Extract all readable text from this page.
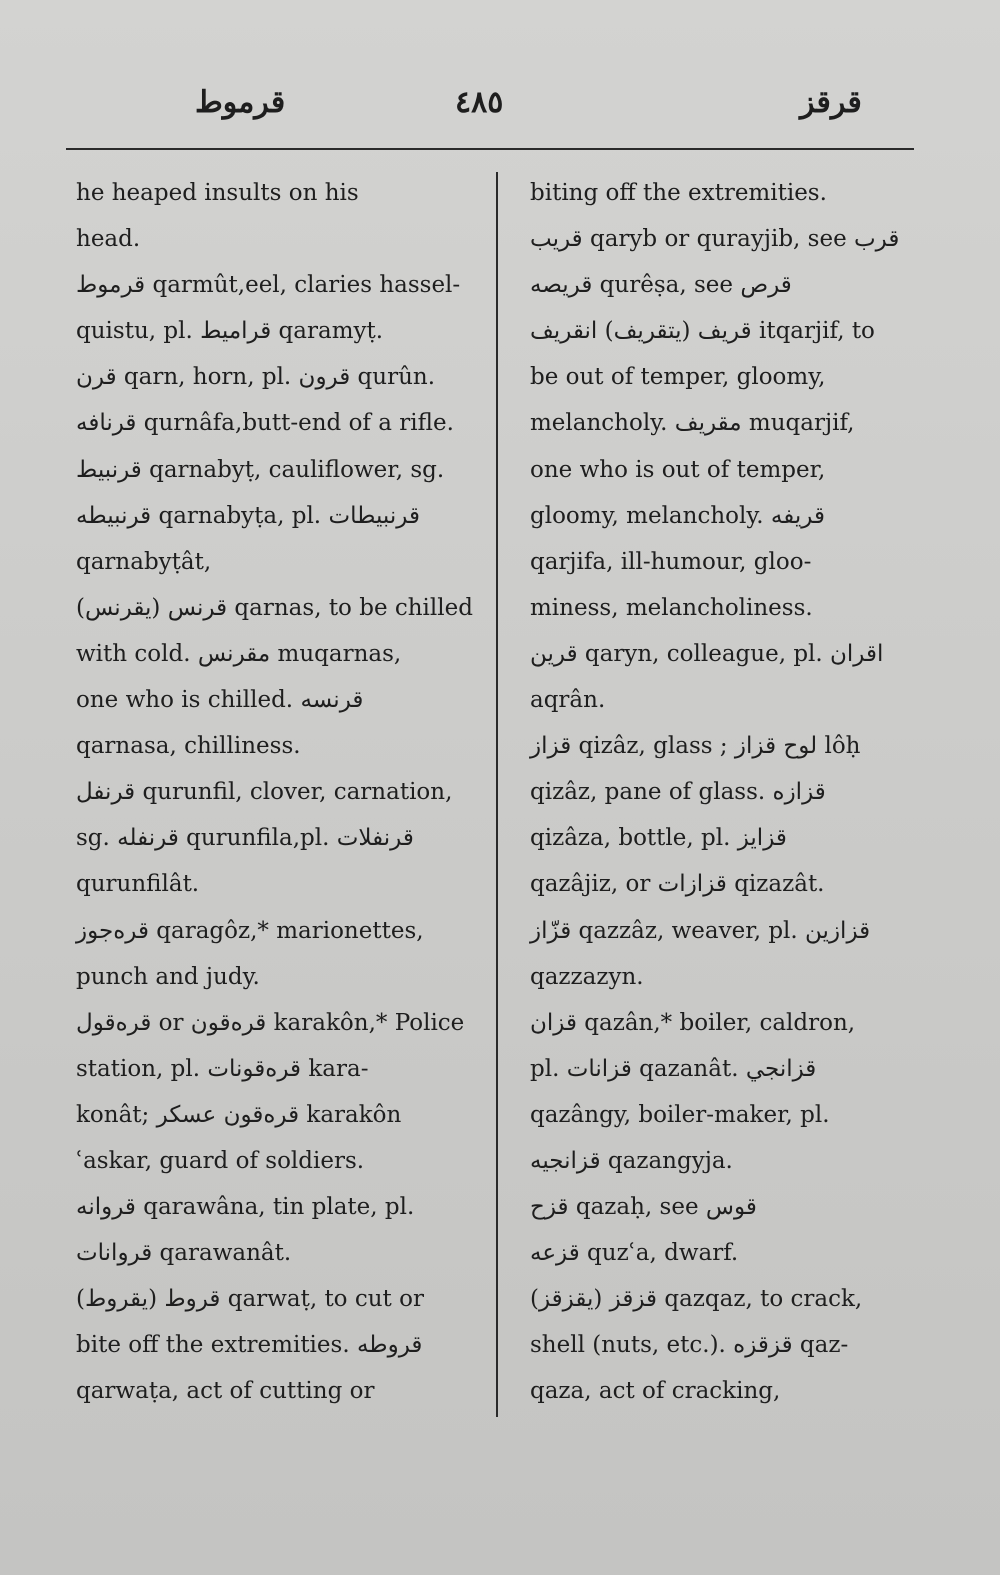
قرموط	٤٨٥	قرقز
he heaped insults on his
head.
قرموط qarmût,eel, claries hassel-
quistu, pl. قراميط qaramyṭ.
قرن qarn, horn, pl. قرون qurûn.
قرنافه qurnâfa,butt-end of a rifle.
قرنبيط qarnabyṭ, cauliflower, sg.
قرنبيطه qarnabyṭa, pl. قرنبيطات
qarnabyṭât,
قرنس (يقرنس) qarnas, to be chilled
with cold. مقرنس muqarnas,
one who is chilled. قرنسه
qarnasa, chilliness.
قرنفل qurunfil, clover, carnation,
sg. قرنفله qurunfila,pl. قرنفلات
qurunfilât.
قره‌جوز qaragôz,* marionettes,
punch and judy.
قره‌قول or قره‌قون karakôn,* Police
station, pl. قره‌قونات kara-
konât; قره‌قون عسكر karakôn
ʿaskar, guard of soldiers.
قروانه qarawâna, tin plate, pl.
قروانات qarawanât.
قروط (يقروط) qarwaṭ, to cut or
bite off the extremities. قروطه
qarwaṭa, act of cutting or
biting off the extremities.
قريب qaryb or qurayjib, see قرب
قريصه qurêṣa, see قرص
قريف (يتقريف) انقريف itqarjif, to
be out of temper, gloomy,
melancholy. مقريف muqarjif,
one who is out of temper,
gloomy, melancholy. قريفه
qarjifa, ill-humour, gloo-
miness, melancholiness.
قرين qaryn, colleague, pl. اقران
aqrân.
قزاز qizâz, glass ; لوح قزاز lôḥ
qizâz, pane of glass. قزازه
qizâza, bottle, pl. قزايز
qazâjiz, or قزازات qizazât.
قزّاز qazzâz, weaver, pl. قزازين
qazzazyn.
قزان qazân,* boiler, caldron,
pl. قزانات qazanât. قزانجي
qazângy, boiler-maker, pl.
قزانجيه qazangyja.
قزح qazaḥ, see قوس
قزعه quzʿa, dwarf.
قزقز (يقزقز) qazqaz, to crack,
shell (nuts, etc.). قزقزه qaz-
qaza, act of cracking,
